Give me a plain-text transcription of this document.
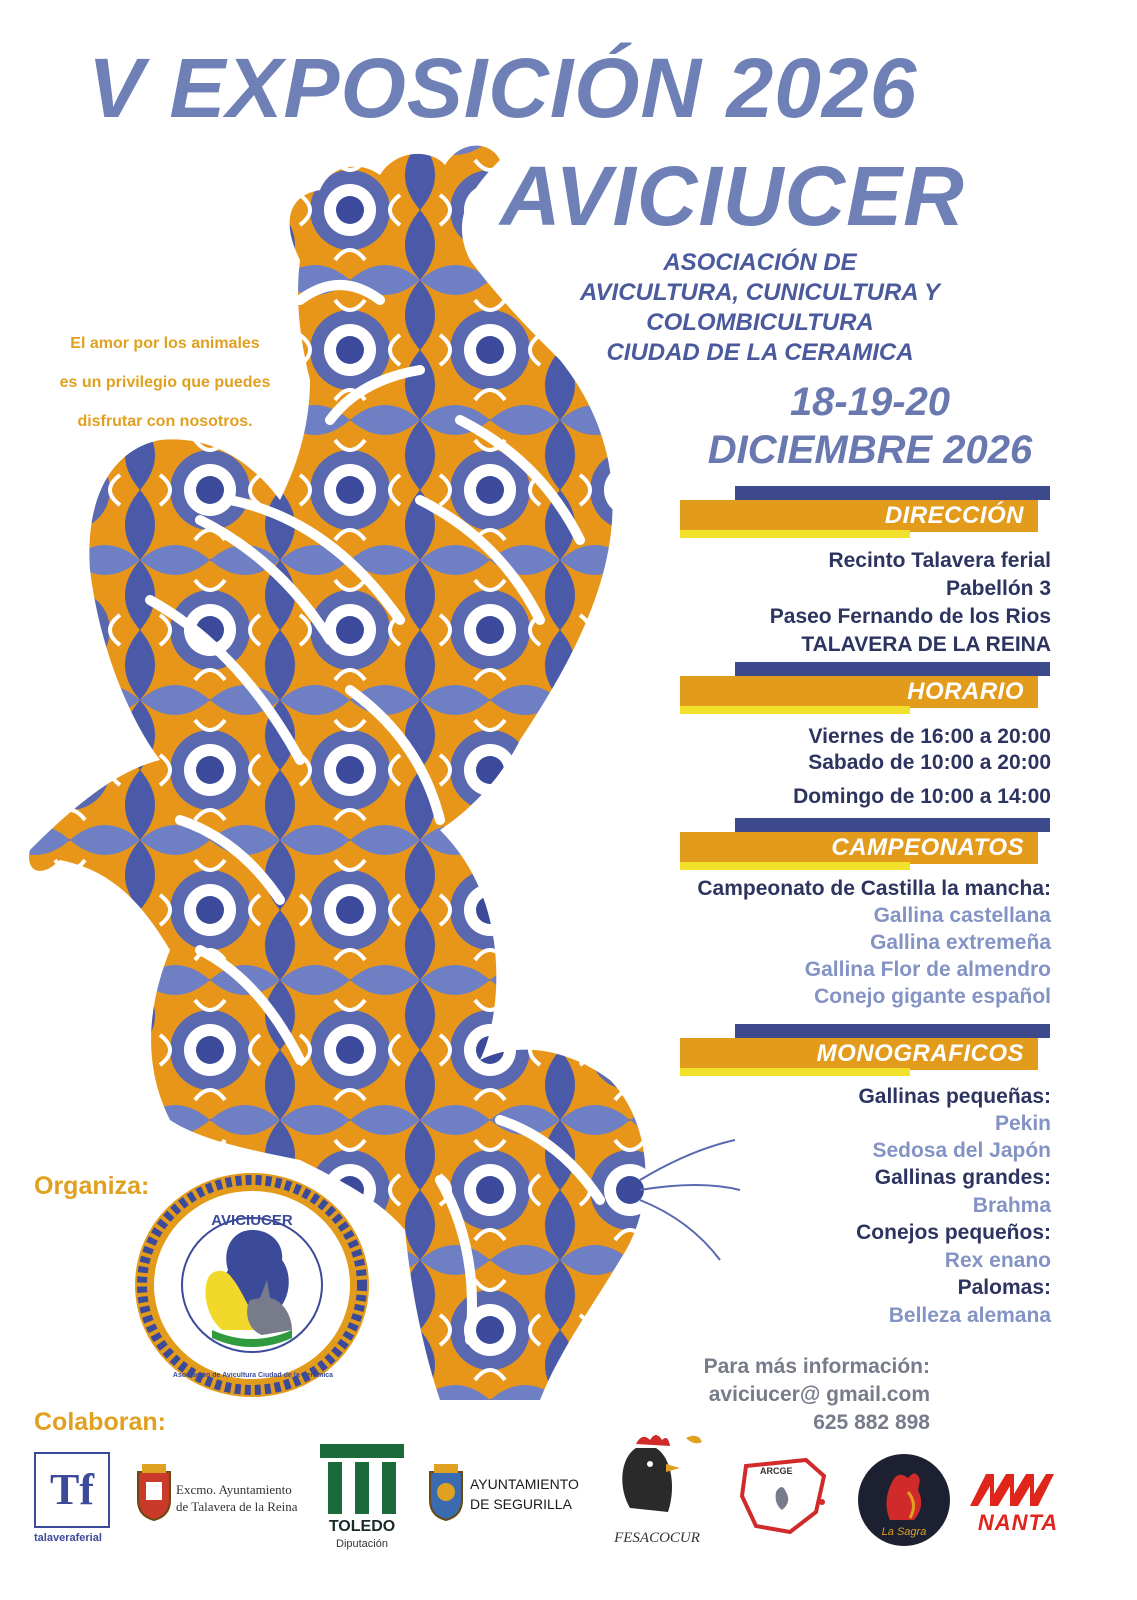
V EXPOSICIÓN 2026
AVICIUCER
ASOCIACIÓN DE
AVICULTURA, CUNICULTURA Y
COLOMBICULTURA
CIUDAD DE LA CERAMICA
18-19-20
DICIEMBRE 2026
El amor por los animales
es un privilegio que puedes
disfrutar con nosotros.
DIRECCIÓN
Recinto Talavera ferial
Pabellón 3
Paseo Fernando de los Rios
TALAVERA DE LA REINA
HORARIO
Viernes de 16:00 a 20:00
Sabado de 10:00 a 20:00
Domingo de 10:00 a 14:00
CAMPEONATOS
Campeonato de Castilla la mancha:
Gallina castellana
Gallina extremeña
Gallina Flor de almendro
Conejo gigante español
MONOGRAFICOS
Gallinas pequeñas:
Pekin
Sedosa del Japón
Gallinas grandes:
Brahma
Conejos pequeños:
Rex enano
Palomas:
Belleza alemana
Para más información:
aviciucer@ gmail.com
625 882 898
Organiza:
AVICIUCER
Asociación de Avicultura Ciudad de la Cerámica
Colaboran:
Tf
talaveraferial
Excmo. Ayuntamiento
de Talavera de la Reina
TOLEDO
Diputación
AYUNTAMIENTO
DE SEGURILLA
FESACOCUR
ARCGE
La Sagra	NANTA
